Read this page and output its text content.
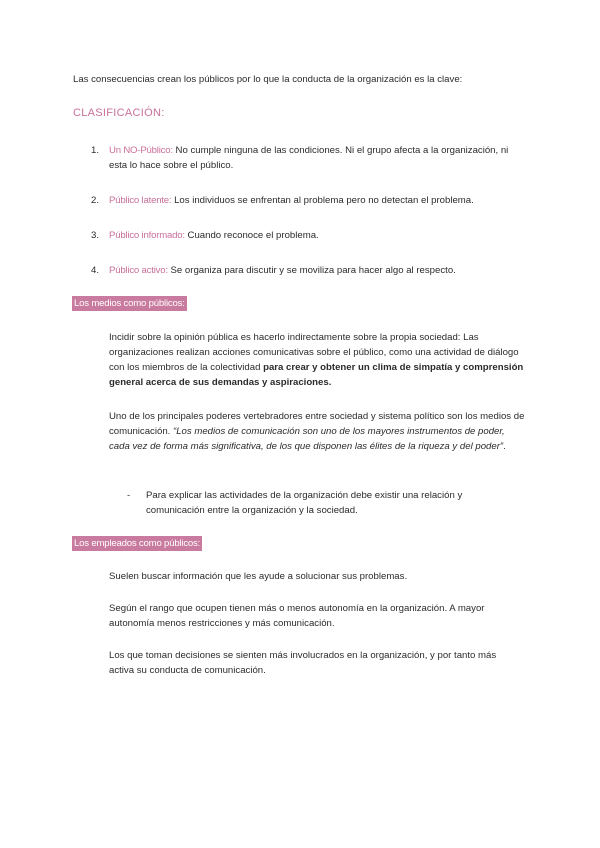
Las consecuencias crean los públicos por lo que la conducta de la organización es la clave:
CLASIFICACIÓN:
1.	Un NO-Público: No cumple ninguna de las condiciones. Ni el grupo afecta a la organización, ni esta lo hace sobre el público.
2.	Público latente: Los individuos se enfrentan al problema pero no detectan el problema.
3.	Público informado: Cuando reconoce el problema.
4.	Público activo: Se organiza para discutir y se moviliza para hacer algo al respecto.
Los medios como públicos:
Incidir sobre la opinión pública es hacerlo indirectamente sobre la propia sociedad: Las organizaciones realizan acciones comunicativas sobre el público, como una actividad de diálogo con los miembros de la colectividad para crear y obtener un clima de simpatía y comprensión general acerca de sus demandas y aspiraciones.
Uno de los principales poderes vertebradores entre sociedad y sistema político son los medios de comunicación. “Los medios de comunicación son uno de los mayores instrumentos de poder, cada vez de forma más significativa, de los que disponen las élites de la riqueza y del poder”.
- Para explicar las actividades de la organización debe existir una relación y comunicación entre la organización y la sociedad.
Los empleados como públicos:
Suelen buscar información que les ayude a solucionar sus problemas.
Según el rango que ocupen tienen más o menos autonomía en la organización. A mayor autonomía menos restricciones y más comunicación.
Los que toman decisiones se sienten más involucrados en la organización, y por tanto más activa su conducta de comunicación.
